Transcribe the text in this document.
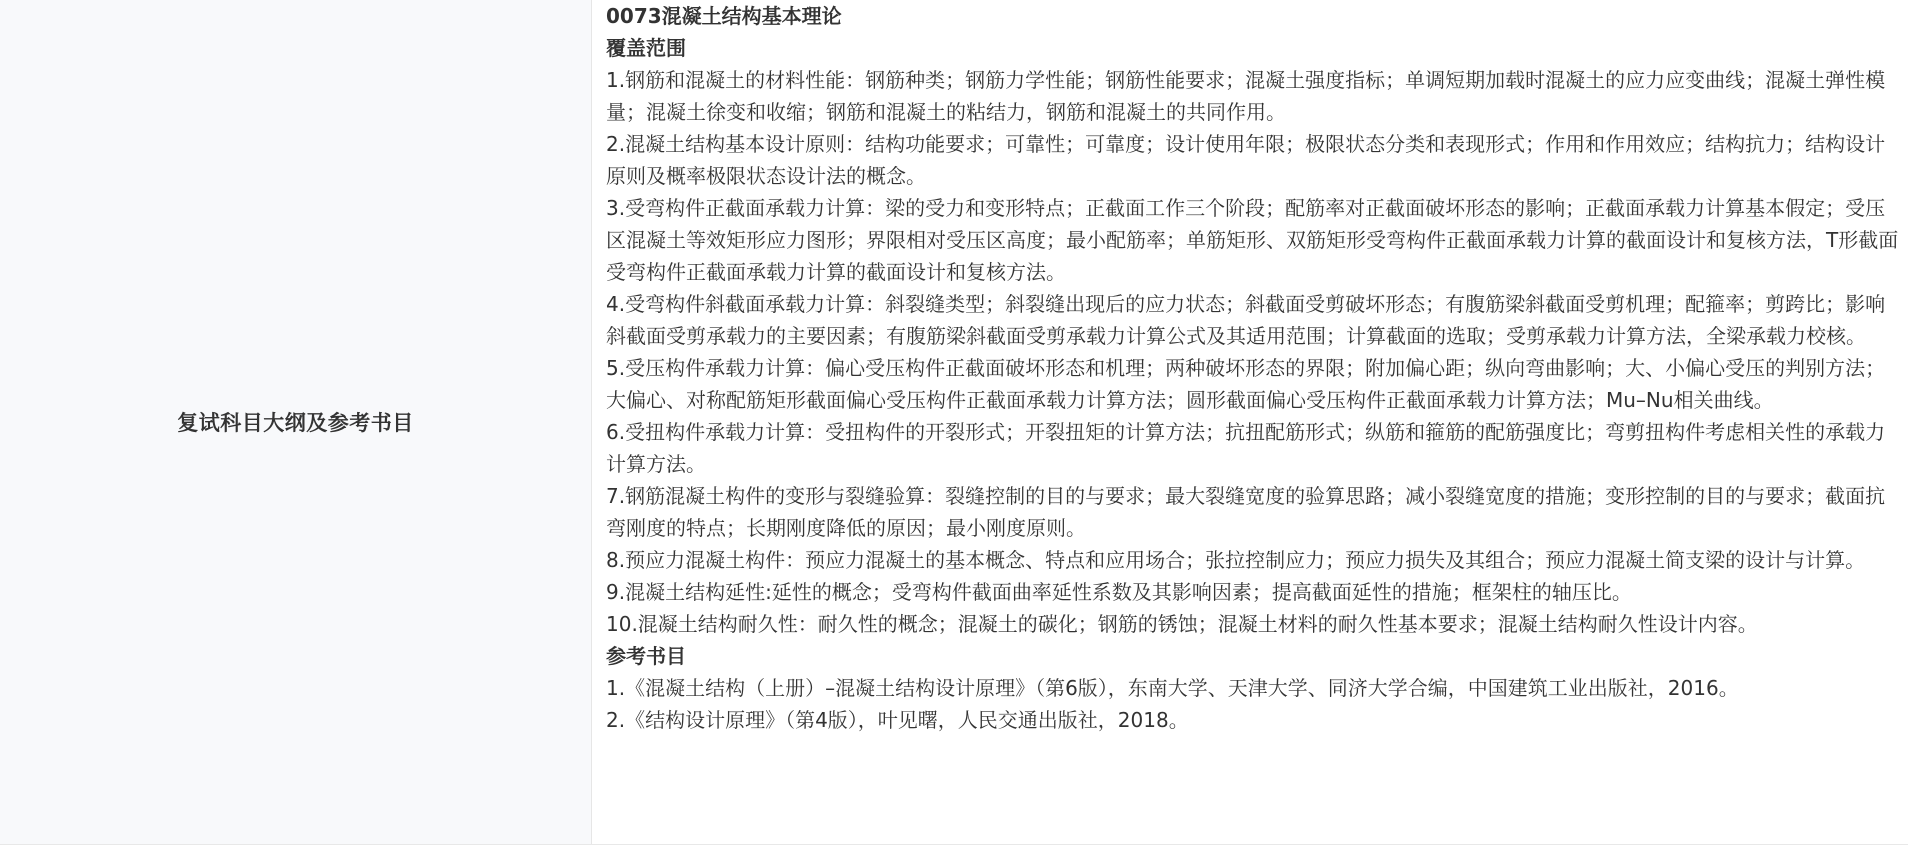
复试科目大纲及参考书目
0073混凝土结构基本理论
覆盖范围
1.钢筋和混凝土的材料性能：钢筋种类；钢筋力学性能；钢筋性能要求；混凝土强度指标；单调短期加载时混凝土的应力应变曲线；混凝土弹性模量；混凝土徐变和收缩；钢筋和混凝土的粘结力，钢筋和混凝土的共同作用。
2.混凝土结构基本设计原则：结构功能要求；可靠性；可靠度；设计使用年限；极限状态分类和表现形式；作用和作用效应；结构抗力；结构设计原则及概率极限状态设计法的概念。
3.受弯构件正截面承载力计算：梁的受力和变形特点；正截面工作三个阶段；配筋率对正截面破坏形态的影响；正截面承载力计算基本假定；受压区混凝土等效矩形应力图形；界限相对受压区高度；最小配筋率；单筋矩形、双筋矩形受弯构件正截面承载力计算的截面设计和复核方法，T形截面受弯构件正截面承载力计算的截面设计和复核方法。
4.受弯构件斜截面承载力计算：斜裂缝类型；斜裂缝出现后的应力状态；斜截面受剪破坏形态；有腹筋梁斜截面受剪机理；配箍率；剪跨比；影响斜截面受剪承载力的主要因素；有腹筋梁斜截面受剪承载力计算公式及其适用范围；计算截面的选取；受剪承载力计算方法，全梁承载力校核。
5.受压构件承载力计算：偏心受压构件正截面破坏形态和机理；两种破坏形态的界限；附加偏心距；纵向弯曲影响；大、小偏心受压的判别方法；大偏心、对称配筋矩形截面偏心受压构件正截面承载力计算方法；圆形截面偏心受压构件正截面承载力计算方法；Mu–Nu相关曲线。
6.受扭构件承载力计算：受扭构件的开裂形式；开裂扭矩的计算方法；抗扭配筋形式；纵筋和箍筋的配筋强度比；弯剪扭构件考虑相关性的承载力计算方法。
7.钢筋混凝土构件的变形与裂缝验算：裂缝控制的目的与要求；最大裂缝宽度的验算思路；减小裂缝宽度的措施；变形控制的目的与要求；截面抗弯刚度的特点；长期刚度降低的原因；最小刚度原则。
8.预应力混凝土构件：预应力混凝土的基本概念、特点和应用场合；张拉控制应力；预应力损失及其组合；预应力混凝土简支梁的设计与计算。
9.混凝土结构延性:延性的概念；受弯构件截面曲率延性系数及其影响因素；提高截面延性的措施；框架柱的轴压比。
10.混凝土结构耐久性：耐久性的概念；混凝土的碳化；钢筋的锈蚀；混凝土材料的耐久性基本要求；混凝土结构耐久性设计内容。
参考书目
1.《混凝土结构（上册）–混凝土结构设计原理》（第6版），东南大学、天津大学、同济大学合编，中国建筑工业出版社，2016。
2.《结构设计原理》（第4版），叶见曙，人民交通出版社，2018。
